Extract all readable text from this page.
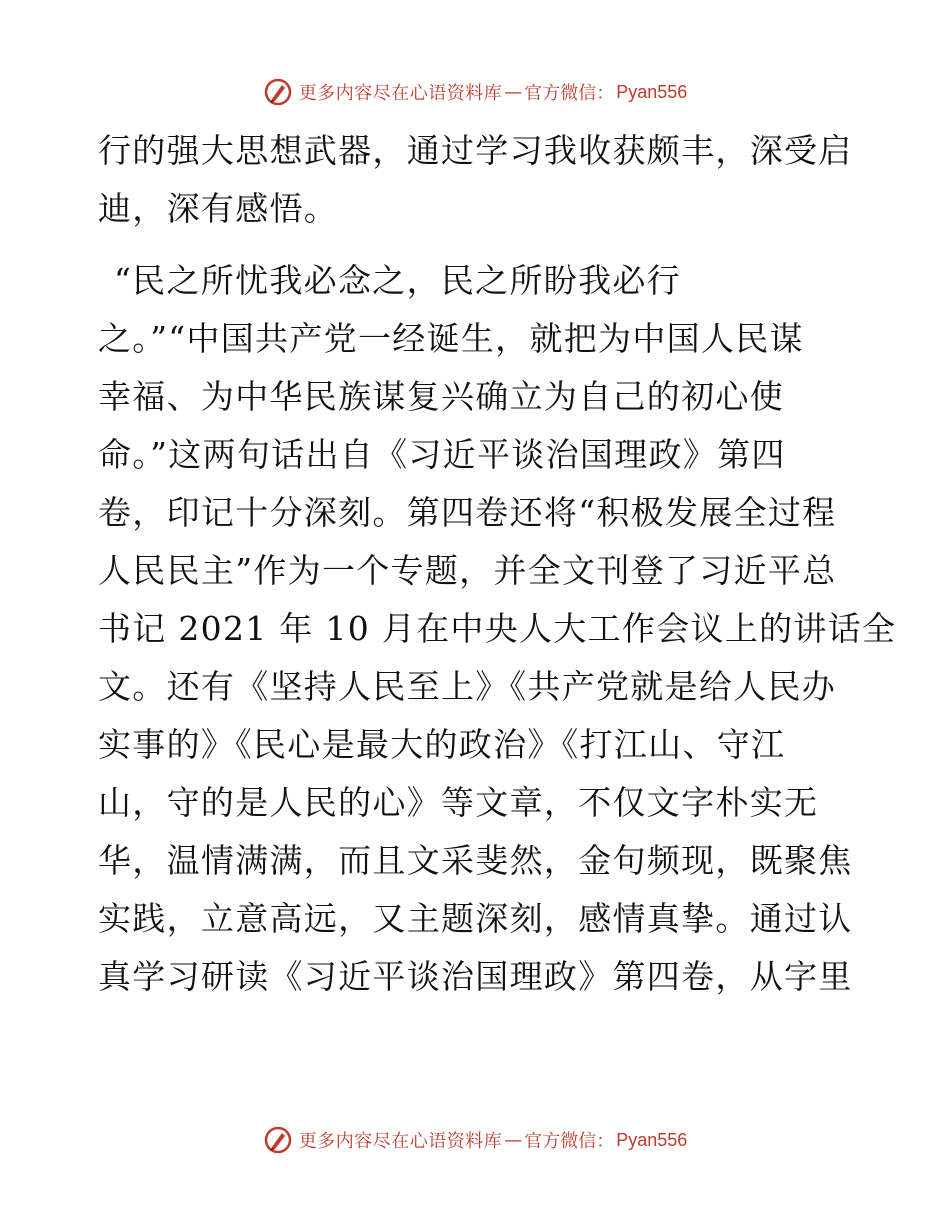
更多内容尽在心语资料库 — 官方微信： Pyan556
行的强大思想武器，通过学习我收获颇丰，深受启
迪，深有感悟。
“民之所忧我必念之，民之所盼我必行
之。”“中国共产党一经诞生，就把为中国人民谋
幸福、为中华民族谋复兴确立为自己的初心使
命。”这两句话出自《习近平谈治国理政》第四
卷，印记十分深刻。第四卷还将“积极发展全过程
人民民主”作为一个专题，并全文刊登了习近平总
书记 2021 年 10 月在中央人大工作会议上的讲话全
文。还有《坚持人民至上》《共产党就是给人民办
实事的》《民心是最大的政治》《打江山、守江
山，守的是人民的心》等文章，不仅文字朴实无
华，温情满满，而且文采斐然，金句频现，既聚焦
实践，立意高远，又主题深刻，感情真挚。通过认
真学习研读《习近平谈治国理政》第四卷，从字里
更多内容尽在心语资料库 — 官方微信： Pyan556
